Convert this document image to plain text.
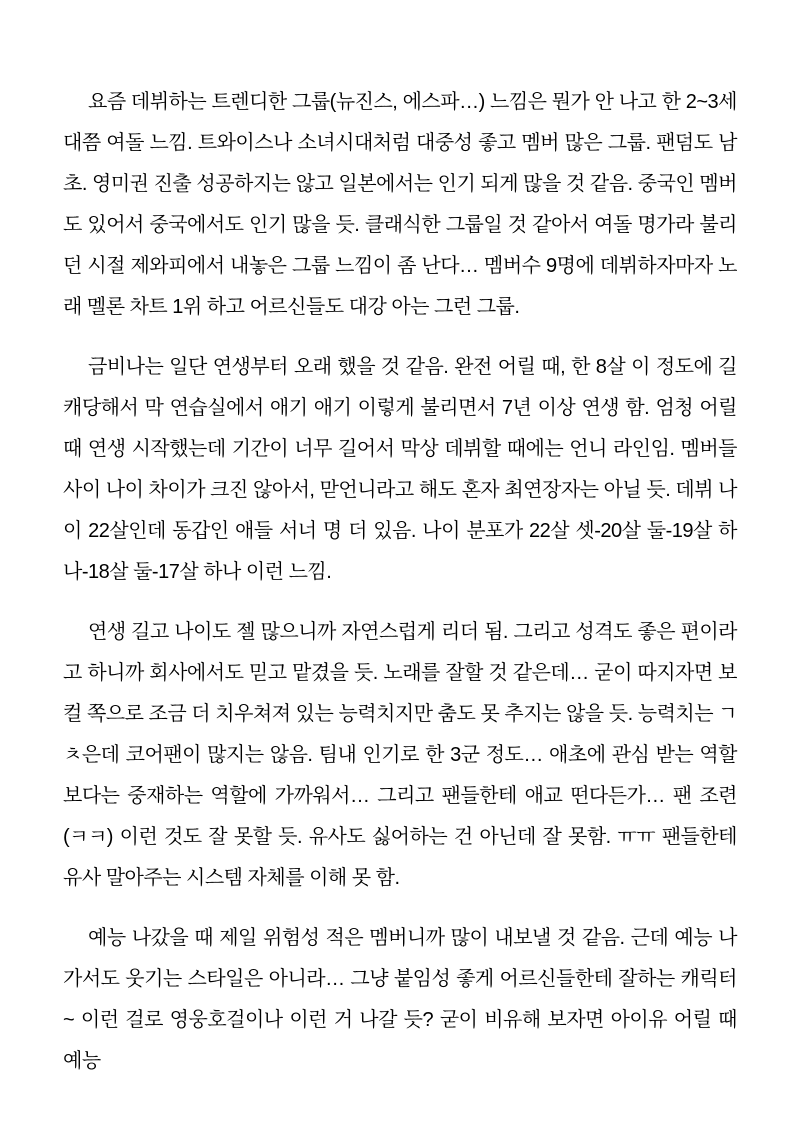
요즘 데뷔하는 트렌디한 그룹(뉴진스, 에스파…) 느낌은 뭔가 안 나고 한 2~3세대쯤 여돌 느낌. 트와이스나 소녀시대처럼 대중성 좋고 멤버 많은 그룹. 팬덤도 남초. 영미권 진출 성공하지는 않고 일본에서는 인기 되게 많을 것 같음. 중국인 멤버도 있어서 중국에서도 인기 많을 듯. 클래식한 그룹일 것 같아서 여돌 명가라 불리던 시절 제와피에서 내놓은 그룹 느낌이 좀 난다… 멤버수 9명에 데뷔하자마자 노래 멜론 차트 1위 하고 어르신들도 대강 아는 그런 그룹.

금비나는 일단 연생부터 오래 했을 것 같음. 완전 어릴 때, 한 8살 이 정도에 길캐당해서 막 연습실에서 애기 애기 이렇게 불리면서 7년 이상 연생 함. 엄청 어릴 때 연생 시작했는데 기간이 너무 길어서 막상 데뷔할 때에는 언니 라인임. 멤버들 사이 나이 차이가 크진 않아서, 맏언니라고 해도 혼자 최연장자는 아닐 듯. 데뷔 나이 22살인데 동갑인 애들 서너 명 더 있음. 나이 분포가 22살 셋-20살 둘-19살 하나-18살 둘-17살 하나 이런 느낌.

연생 길고 나이도 젤 많으니까 자연스럽게 리더 됨. 그리고 성격도 좋은 편이라고 하니까 회사에서도 믿고 맡겼을 듯. 노래를 잘할 것 같은데… 굳이 따지자면 보컬 쪽으로 조금 더 치우쳐져 있는 능력치지만 춤도 못 추지는 않을 듯. 능력치는 ㄱㅊ은데 코어팬이 많지는 않음. 팀내 인기로 한 3군 정도… 애초에 관심 받는 역할보다는 중재하는 역할에 가까워서… 그리고 팬들한테 애교 떤다든가… 팬 조련(ㅋㅋ) 이런 것도 잘 못할 듯. 유사도 싫어하는 건 아닌데 잘 못함. ㅠㅠ 팬들한테 유사 말아주는 시스템 자체를 이해 못 함.

예능 나갔을 때 제일 위험성 적은 멤버니까 많이 내보낼 것 같음. 근데 예능 나가서도 웃기는 스타일은 아니라… 그냥 붙임성 좋게 어르신들한테 잘하는 캐릭터~ 이런 걸로 영웅호걸이나 이런 거 나갈 듯? 굳이 비유해 보자면 아이유 어릴 때 예능
